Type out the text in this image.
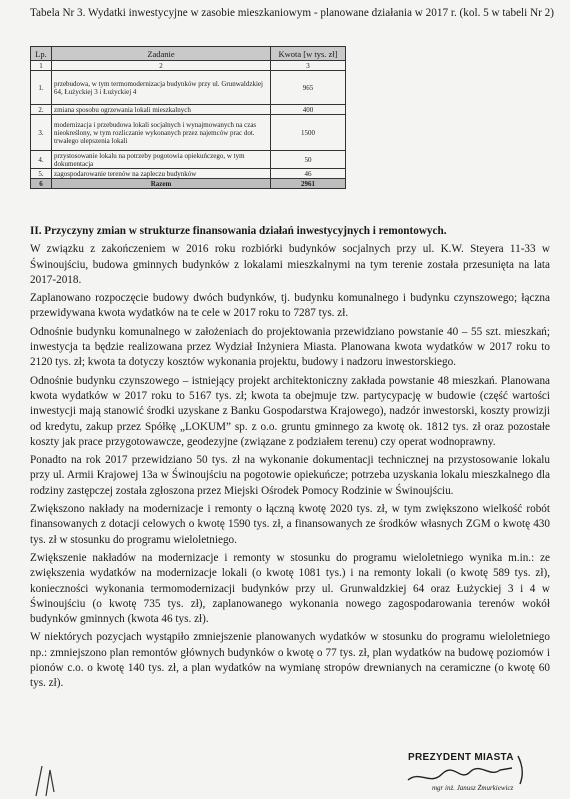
Tabela Nr 3. Wydatki inwestycyjne w zasobie mieszkaniowym - planowane działania w 2017 r. (kol. 5 w tabeli Nr 2)
Lp.	Zadanie	Kwota [w tys. zł]
1	2	3
1.	przebudowa, w tym termomodernizacja budynków przy ul. Grunwaldzkiej 64, Łużyckiej 3 i Łużyckiej 4	965
2.	zmiana sposobu ogrzewania lokali mieszkalnych	400
3.	modernizacja i przebudowa lokali socjalnych i wynajmowanych na czas nieokreślony, w tym rozliczanie wykonanych przez najemców prac dot. trwałego ulepszenia lokali	1500
4.	przystosowanie lokalu na potrzeby pogotowia opiekuńczego, w tym dokumentacja	50
5.	zagospodarowanie terenów na zapleczu budynków	46
6	Razem	2961

II. Przyczyny zmian w strukturze finansowania działań inwestycyjnych i remontowych.

W związku z zakończeniem w 2016 roku rozbiórki budynków socjalnych przy ul. K.W. Steyera 11-33 w Świnoujściu, budowa gminnych budynków z lokalami mieszkalnymi na tym terenie została przesunięta na lata 2017-2018.

Zaplanowano rozpoczęcie budowy dwóch budynków, tj. budynku komunalnego i budynku czynszowego; łączna przewidywana kwota wydatków na te cele w 2017 roku to 7287 tys. zł.

Odnośnie budynku komunalnego w założeniach do projektowania przewidziano powstanie 40 – 55 szt. mieszkań; inwestycja ta będzie realizowana przez Wydział Inżyniera Miasta. Planowana kwota wydatków w 2017 roku to 2120 tys. zł; kwota ta dotyczy kosztów wykonania projektu, budowy i nadzoru inwestorskiego.

Odnośnie budynku czynszowego – istniejący projekt architektoniczny zakłada powstanie 48 mieszkań. Planowana kwota wydatków w 2017 roku to 5167 tys. zł; kwota ta obejmuje tzw. partycypację w budowie (część wartości inwestycji mają stanowić środki uzyskane z Banku Gospodarstwa Krajowego), nadzór inwestorski, koszty prowizji od kredytu, zakup przez Spółkę „LOKUM” sp. z o.o. gruntu gminnego za kwotę ok. 1812 tys. zł oraz pozostałe koszty jak prace przygotowawcze, geodezyjne (związane z podziałem terenu) czy operat wodnoprawny.

Ponadto na rok 2017 przewidziano 50 tys. zł na wykonanie dokumentacji technicznej na przystosowanie lokalu przy ul. Armii Krajowej 13a w Świnoujściu na pogotowie opiekuńcze; potrzeba uzyskania lokalu mieszkalnego dla rodziny zastępczej została zgłoszona przez Miejski Ośrodek Pomocy Rodzinie w Świnoujściu.

Zwiększono nakłady na modernizacje i remonty o łączną kwotę 2020 tys. zł, w tym zwiększono wielkość robót finansowanych z dotacji celowych o kwotę 1590 tys. zł, a finansowanych ze środków własnych ZGM o kwotę 430 tys. zł w stosunku do programu wieloletniego.

Zwiększenie nakładów na modernizacje i remonty w stosunku do programu wieloletniego wynika m.in.: ze zwiększenia wydatków na modernizacje lokali (o kwotę 1081 tys.) i na remonty lokali (o kwotę 589 tys. zł), konieczności wykonania termomodernizacji budynków przy ul. Grunwaldzkiej 64 oraz Łużyckiej 3 i 4 w Świnoujściu (o kwotę 735 tys. zł), zaplanowanego wykonania nowego zagospodarowania terenów wokół budynków gminnych (kwota 46 tys. zł).

W niektórych pozycjach wystąpiło zmniejszenie planowanych wydatków w stosunku do programu wieloletniego np.: zmniejszono plan remontów głównych budynków o kwotę o 77 tys. zł, plan wydatków na budowę poziomów i pionów c.o. o kwotę 140 tys. zł, a plan wydatków na wymianę stropów drewnianych na ceramiczne (o kwotę 60 tys. zł).

PREZYDENT MIASTA
mgr inż. Janusz Żmurkiewicz
